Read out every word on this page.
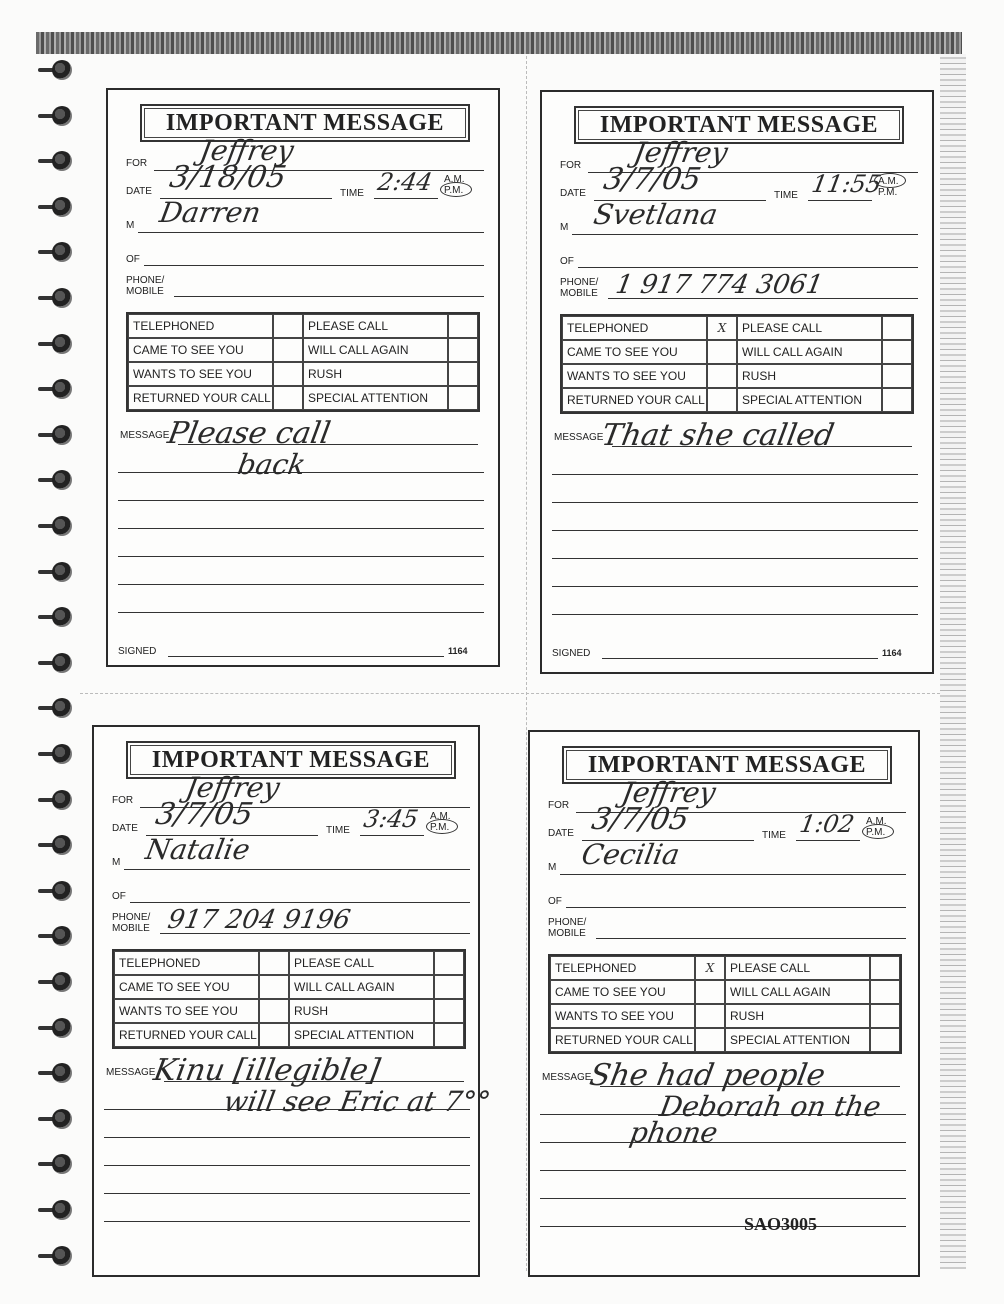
IMPORTANT MESSAGE
FOR Jeffrey
DATE 3/18/05	TIME 2:44 A.M.
P.M.
M Darren
OF
PHONE/
MOBILE
TELEPHONED	PLEASE CALL
CAME TO SEE YOU	WILL CALL AGAIN
WANTS TO SEE YOU	RUSH
RETURNED YOUR CALL	SPECIAL ATTENTION
MESSAGE
Please call
back
SIGNED	1164
IMPORTANT MESSAGE
FOR Jeffrey
DATE 3/7/05	TIME 11:55
A.M.
P.M.
M Svetlana
OF
PHONE/
MOBILE 1 917 774 3061
TELEPHONED	X	PLEASE CALL
CAME TO SEE YOU	WILL CALL AGAIN
WANTS TO SEE YOU	RUSH
RETURNED YOUR CALL	SPECIAL ATTENTION
MESSAGE
That she called
SIGNED	1164
IMPORTANT MESSAGE
FOR Jeffrey
DATE 3/7/05	TIME 3:45 A.M.
P.M.
M Natalie
OF
PHONE/
MOBILE 917 204 9196
TELEPHONED	PLEASE CALL
CAME TO SEE YOU	WILL CALL AGAIN
WANTS TO SEE YOU	RUSH
RETURNED YOUR CALL	SPECIAL ATTENTION
MESSAGE
Kinu [illegible]
will see Eric at 7°°
IMPORTANT MESSAGE
FOR Jeffrey
DATE 3/7/05	TIME 1:02 A.M.
P.M.
M Cecilia
OF
PHONE/
MOBILE
TELEPHONED	X	PLEASE CALL
CAME TO SEE YOU	WILL CALL AGAIN
WANTS TO SEE YOU	RUSH
RETURNED YOUR CALL	SPECIAL ATTENTION
MESSAGE
She had people
Deborah on the
phone
SAO3005
